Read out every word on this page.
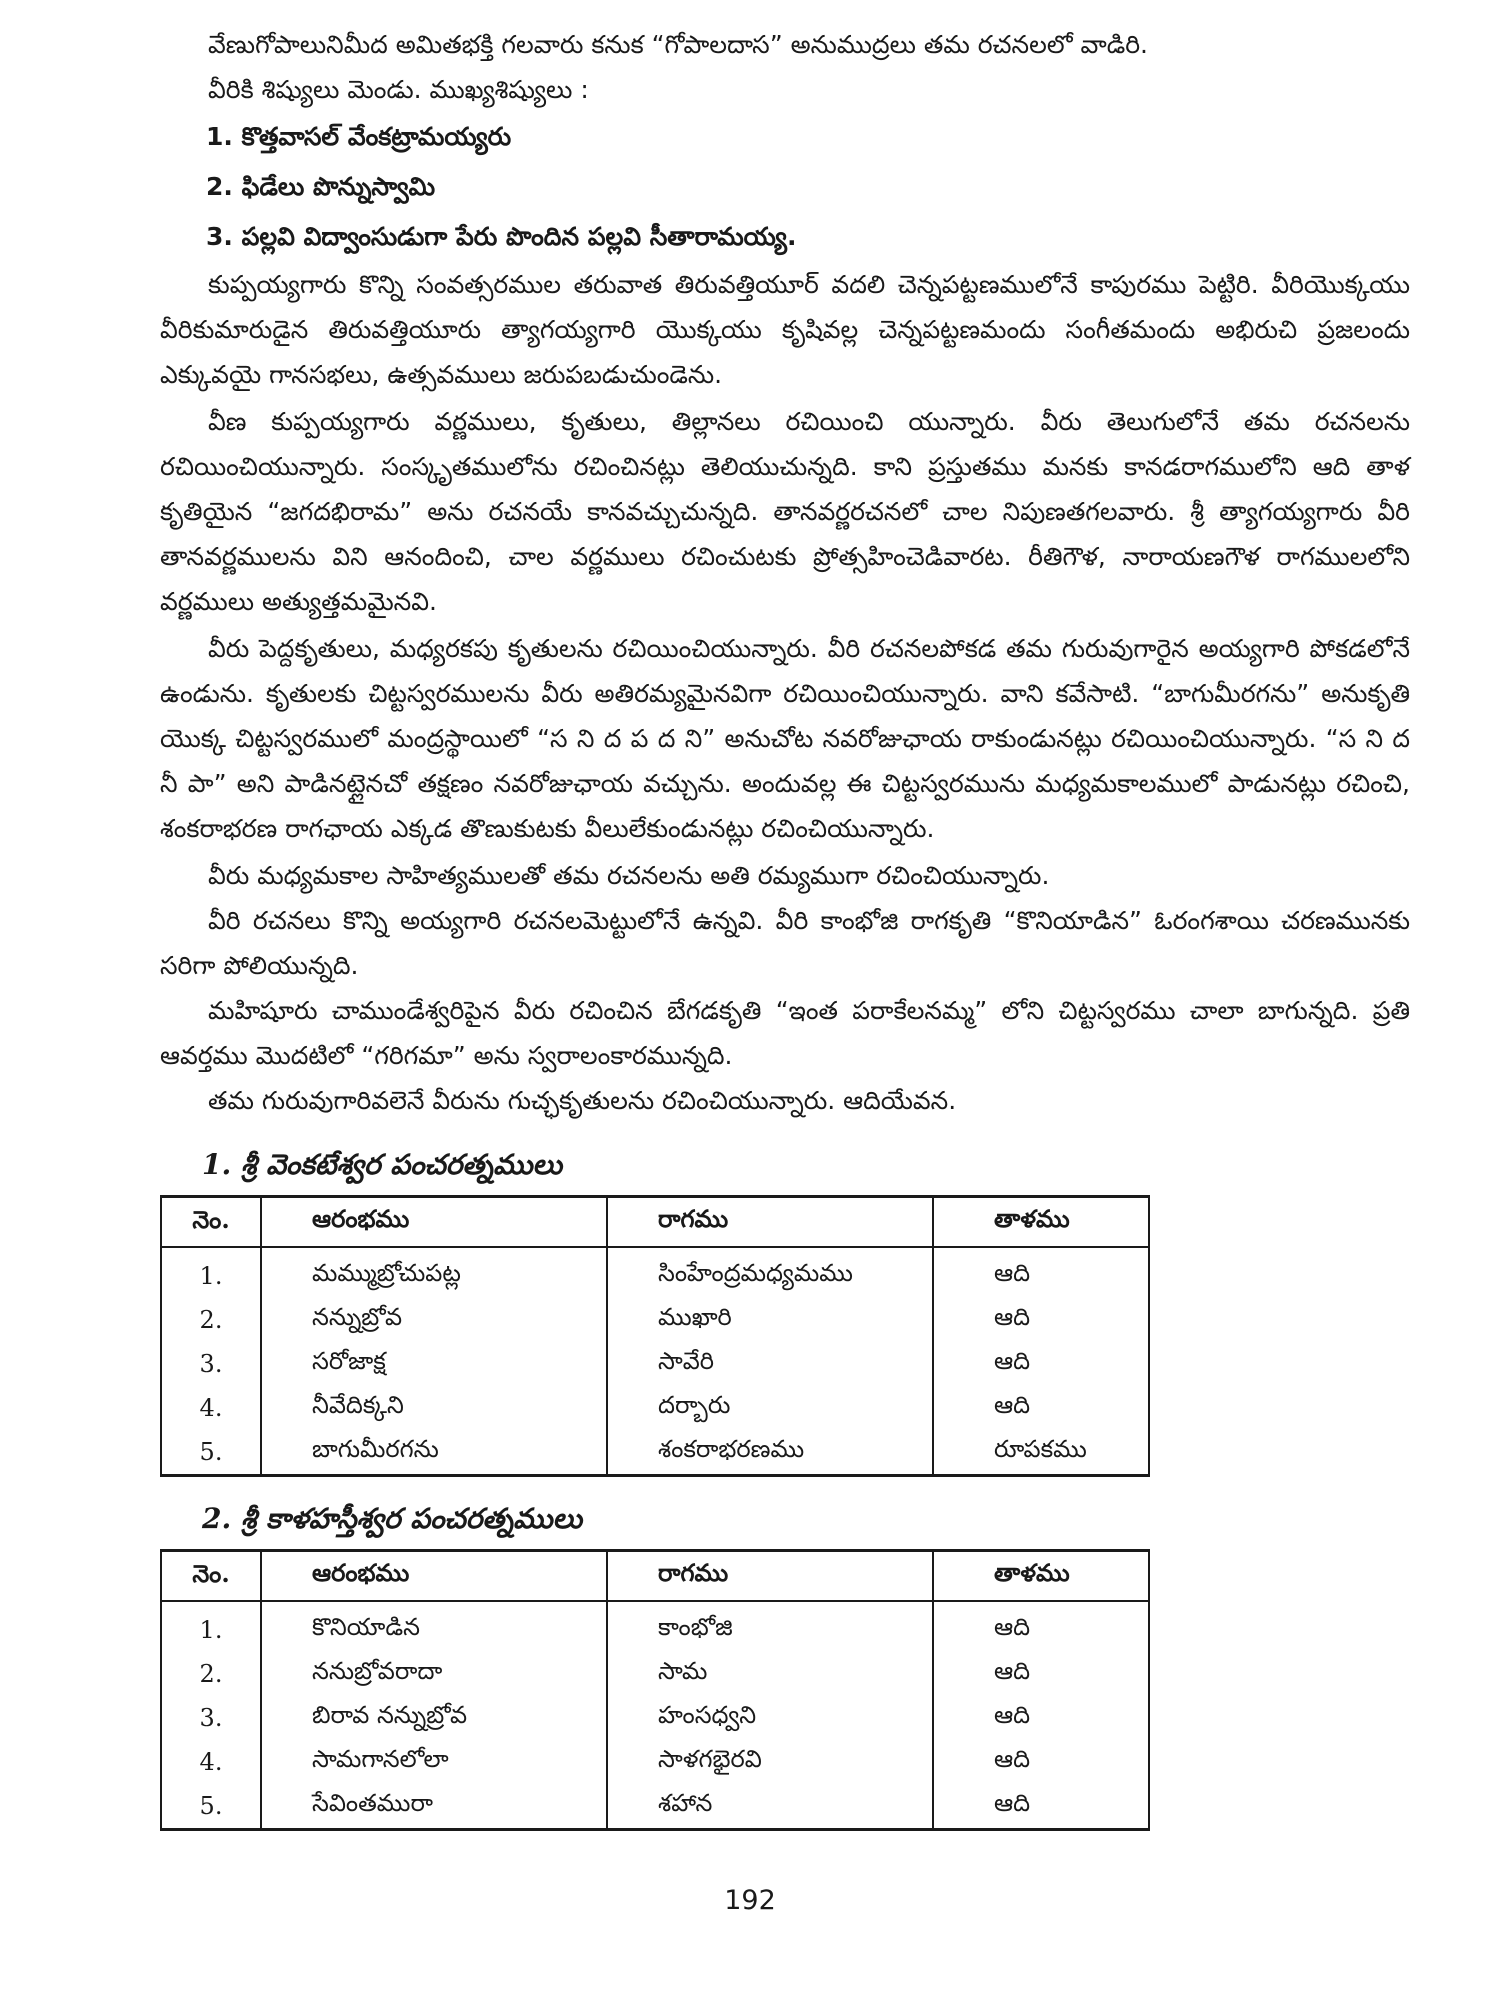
వేణుగోపాలునిమీద అమితభక్తి గలవారు కనుక “గోపాలదాస” అనుముద్రలు తమ రచనలలో వాడిరి.

వీరికి శిష్యులు మెండు. ముఖ్యశిష్యులు :

1. కొత్తవాసల్ వేంకట్రామయ్యరు

2. ఫిడేలు పొన్నుస్వామి

3. పల్లవి విద్వాంసుడుగా పేరు పొందిన పల్లవి సీతారామయ్య.

కుప్పయ్యగారు కొన్ని సంవత్సరముల తరువాత తిరువత్తియూర్ వదలి చెన్నపట్టణములోనే కాపురము పెట్టిరి. వీరియొక్కయు వీరికుమారుడైన తిరువత్తియూరు త్యాగయ్యగారి యొక్కయు కృషివల్ల చెన్నపట్టణమందు సంగీతమందు అభిరుచి ప్రజలందు ఎక్కువయై గానసభలు, ఉత్సవములు జరుపబడుచుండెను.

వీణ కుప్పయ్యగారు వర్ణములు, కృతులు, తిల్లానలు రచియించి యున్నారు. వీరు తెలుగులోనే తమ రచనలను రచియించియున్నారు. సంస్కృతములోను రచించినట్లు తెలియుచున్నది. కాని ప్రస్తుతము మనకు కానడరాగములోని ఆది తాళ కృతియైన “జగదభిరామ” అను రచనయే కానవచ్చుచున్నది. తానవర్ణరచనలో చాల నిపుణతగలవారు. శ్రీ త్యాగయ్యగారు వీరి తానవర్ణములను విని ఆనందించి, చాల వర్ణములు రచించుటకు ప్రోత్సహించెడివారట. రీతిగౌళ, నారాయణగౌళ రాగములలోని వర్ణములు అత్యుత్తమమైనవి.

వీరు పెద్దకృతులు, మధ్యరకపు కృతులను రచియించియున్నారు. వీరి రచనలపోకడ తమ గురువుగారైన అయ్యగారి పోకడలోనే ఉండును. కృతులకు చిట్టస్వరములను వీరు అతిరమ్యమైనవిగా రచియించియున్నారు. వాని కవేసాటి. “బాగుమీరగను” అనుకృతి యొక్క చిట్టస్వరములో మంద్రస్థాయిలో “స ని ద ప ద ని” అనుచోట నవరోజుఛాయ రాకుండునట్లు రచియించియున్నారు. “స ని ద నీ పా” అని పాడినట్లైనచో తక్షణం నవరోజుఛాయ వచ్చును. అందువల్ల ఈ చిట్టస్వరమును మధ్యమకాలములో పాడునట్లు రచించి, శంకరాభరణ రాగఛాయ ఎక్కడ తొణుకుటకు వీలులేకుండునట్లు రచించియున్నారు.

వీరు మధ్యమకాల సాహిత్యములతో తమ రచనలను అతి రమ్యముగా రచించియున్నారు.

వీరి రచనలు కొన్ని అయ్యగారి రచనలమెట్టులోనే ఉన్నవి. వీరి కాంభోజి రాగకృతి “కొనియాడిన” ఓరంగశాయి చరణమునకు సరిగా పోలియున్నది.

మహిషూరు చాముండేశ్వరిపైన వీరు రచించిన బేగడకృతి “ఇంత పరాకేలనమ్మ” లోని చిట్టస్వరము చాలా బాగున్నది. ప్రతి ఆవర్తము మొదటిలో “గరిగమా” అను స్వరాలంకారమున్నది.

తమ గురువుగారివలెనే వీరును గుచ్ఛకృతులను రచించియున్నారు. ఆదియేవన.

1. శ్రీ వెంకటేశ్వర పంచరత్నములు
నెం.	ఆరంభము	రాగము	తాళము
1.	మమ్ముబ్రోచుపట్ల	సింహేంద్రమధ్యమము	ఆది
2.	నన్నుబ్రోవ	ముఖారి	ఆది
3.	సరోజాక్ష	సావేరి	ఆది
4.	నీవేదిక్కని	దర్బారు	ఆది
5.	బాగుమీరగను	శంకరాభరణము	రూపకము
2. శ్రీ కాళహస్తీశ్వర పంచరత్నములు
నెం.	ఆరంభము	రాగము	తాళము
1.	కొనియాడిన	కాంభోజి	ఆది
2.	ననుబ్రోవరాదా	సామ	ఆది
3.	బిరావ నన్నుబ్రోవ	హంసధ్వని	ఆది
4.	సామగానలోలా	సాళగభైరవి	ఆది
5.	సేవింతమురా	శహాన	ఆది
192
